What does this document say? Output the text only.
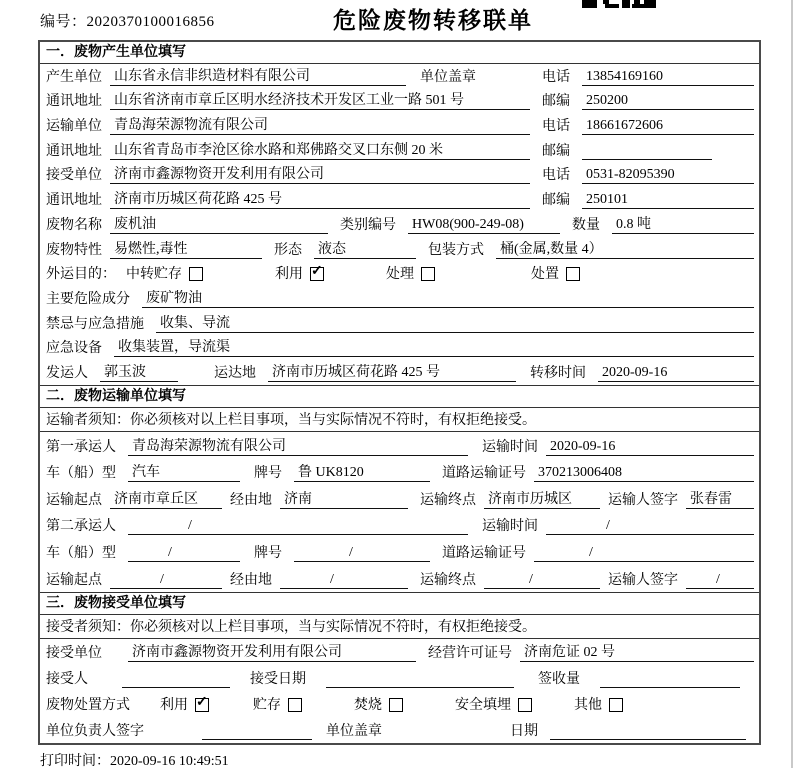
编号：2020370100016856	危险废物转移联单
一．废物产生单位填写
产生单位 山东省永信非织造材料有限公司	单位盖章	电话 13854169160
通讯地址 山东省济南市章丘区明水经济技术开发区工业一路 501 号	邮编 250200
运输单位 青岛海荣源物流有限公司	电话 18661672606
通讯地址 山东省青岛市李沧区徐水路和郑佛路交叉口东侧 20 米	邮编
接受单位 济南市鑫源物资开发利用有限公司	电话 0531-82095390
通讯地址 济南市历城区荷花路 425 号	邮编 250101
废物名称 废机油	类别编号 HW08(900-249-08)	数量 0.8 吨
废物特性 易燃性,毒性	形态 液态	包装方式 桶(金属,数量 4）
外运目的： 中转贮存	利用 ✓	处理	处置
主要危险成分 废矿物油
禁忌与应急措施 收集、导流
应急设备 收集装置，导流渠
发运人 郭玉波	运达地 济南市历城区荷花路 425 号	转移时间 2020-09-16
二．废物运输单位填写
运输者须知：你必须核对以上栏目事项，当与实际情况不符时，有权拒绝接受。
第一承运人 青岛海荣源物流有限公司	运输时间 2020-09-16
车（船）型 汽车	牌号 鲁 UK8120	道路运输证号 370213006408
运输起点 济南市章丘区	经由地 济南	运输终点 济南市历城区	运输人签字 张春雷
第二承运人	/	运输时间	/
车（船）型	/	牌号	/	道路运输证号	/
运输起点	/	经由地	/	运输终点	/	运输人签字	/
三．废物接受单位填写
接受者须知：你必须核对以上栏目事项，当与实际情况不符时，有权拒绝接受。
接受单位 济南市鑫源物资开发利用有限公司	经营许可证号 济南危证 02 号
接受人	接受日期	签收量
废物处置方式 利用 ✓	贮存	焚烧	安全填埋	其他
单位负责人签字	单位盖章	日期
打印时间：2020-09-16 10:49:51
